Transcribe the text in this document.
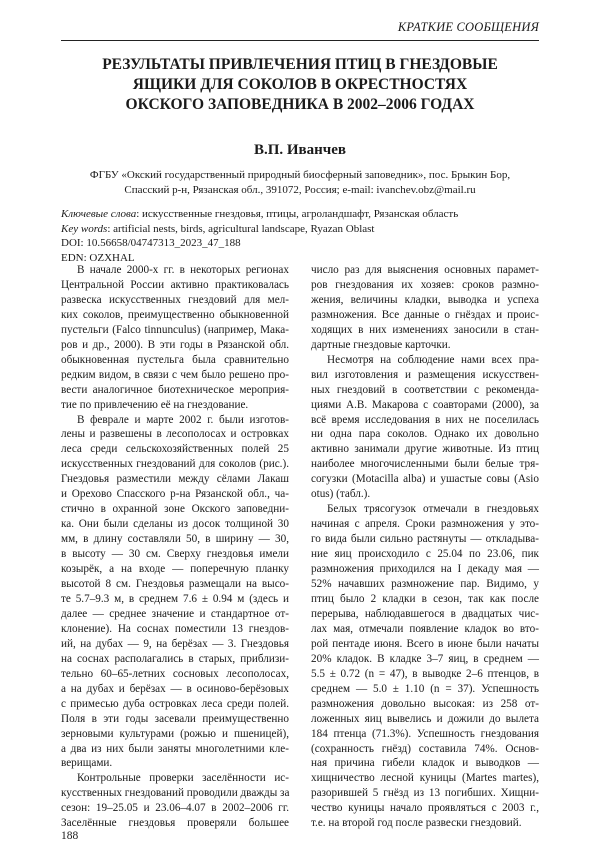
КРАТКИЕ СООБЩЕНИЯ
РЕЗУЛЬТАТЫ ПРИВЛЕЧЕНИЯ ПТИЦ В ГНЕЗДОВЫЕ
ЯЩИКИ ДЛЯ СОКОЛОВ В ОКРЕСТНОСТЯХ
ОКСКОГО ЗАПОВЕДНИКА В 2002–2006 ГОДАХ
В.П. Иванчев
ФГБУ «Окский государственный природный биосферный заповедник», пос. Брыкин Бор,
Спасский р-н, Рязанская обл., 391072, Россия; e-mail: ivanchev.obz@mail.ru
Ключевые слова: искусственные гнездовья, птицы, агроландшафт, Рязанская область
Key words: artificial nests, birds, agricultural landscape, Ryazan Oblast
DOI: 10.56658/04747313_2023_47_188
EDN: OZXHAL
В начале 2000-х гг. в некоторых регионах
Центральной России активно практиковалась
развеска искусственных гнездовий для мел-
ких соколов, преимущественно обыкновенной
пустельги (Falco tinnunculus) (например, Мака-
ров и др., 2000). В эти годы в Рязанской обл.
обыкновенная пустельга была сравнительно
редким видом, в связи с чем было решено про-
вести аналогичное биотехническое мероприя-
тие по привлечению её на гнездование.
В феврале и марте 2002 г. были изготов-
лены и развешены в лесополосах и островках
леса среди сельскохозяйственных полей 25
искусственных гнездований для соколов (рис.).
Гнездовья разместили между сёлами Лакаш
и Орехово Спасского р-на Рязанской обл., ча-
стично в охранной зоне Окского заповедни-
ка. Они были сделаны из досок толщиной 30
мм, в длину составляли 50, в ширину — 30,
в высоту — 30 см. Сверху гнездовья имели
козырёк, а на входе — поперечную планку
высотой 8 см. Гнездовья размещали на высо-
те 5.7–9.3 м, в среднем 7.6 ± 0.94 м (здесь и
далее — среднее значение и стандартное от-
клонение). На соснах поместили 13 гнездов-
ий, на дубах — 9, на берёзах — 3. Гнездовья
на соснах располагались в старых, приблизи-
тельно 60–65-летних сосновых лесополосах,
а на дубах и берёзах — в осиново-берёзовых
с примесью дуба островках леса среди полей.
Поля в эти годы засевали преимущественно
зерновыми культурами (рожью и пшеницей),
а два из них были заняты многолетними кле-
верищами.
Контрольные проверки заселённости ис-
кусственных гнездований проводили дважды за
сезон: 19–25.05 и 23.06–4.07 в 2002–2006 гг.
Заселённые гнездовья проверяли большее
число раз для выяснения основных парамет-
ров гнездования их хозяев: сроков размно-
жения, величины кладки, выводка и успеха
размножения. Все данные о гнёздах и проис-
ходящих в них изменениях заносили в стан-
дартные гнездовые карточки.
Несмотря на соблюдение нами всех пра-
вил изготовления и размещения искусствен-
ных гнездовий в соответствии с рекоменда-
циями А.В. Макарова с соавторами (2000), за
всё время исследования в них не поселилась
ни одна пара соколов. Однако их довольно
активно занимали другие животные. Из птиц
наиболее многочисленными были белые тря-
согузки (Motacilla alba) и ушастые совы (Asio
otus) (табл.).
Белых трясогузок отмечали в гнездовьях
начиная с апреля. Сроки размножения у это-
го вида были сильно растянуты — откладыва-
ние яиц происходило с 25.04 по 23.06, пик
размножения приходился на I декаду мая —
52% начавших размножение пар. Видимо, у
птиц было 2 кладки в сезон, так как после
перерыва, наблюдавшегося в двадцатых чис-
лах мая, отмечали появление кладок во вто-
рой пентаде июня. Всего в июне были начаты
20% кладок. В кладке 3–7 яиц, в среднем —
5.5 ± 0.72 (n = 47), в выводке 2–6 птенцов, в
среднем — 5.0 ± 1.10 (n = 37). Успешность
размножения довольно высокая: из 258 от-
ложенных яиц вывелись и дожили до вылета
184 птенца (71.3%). Успешность гнездования
(сохранность гнёзд) составила 74%. Основ-
ная причина гибели кладок и выводков —
хищничество лесной куницы (Martes martes),
разорившей 5 гнёзд из 13 погибших. Хищни-
чество куницы начало проявляться с 2003 г.,
т.е. на второй год после развески гнездовий.
188
